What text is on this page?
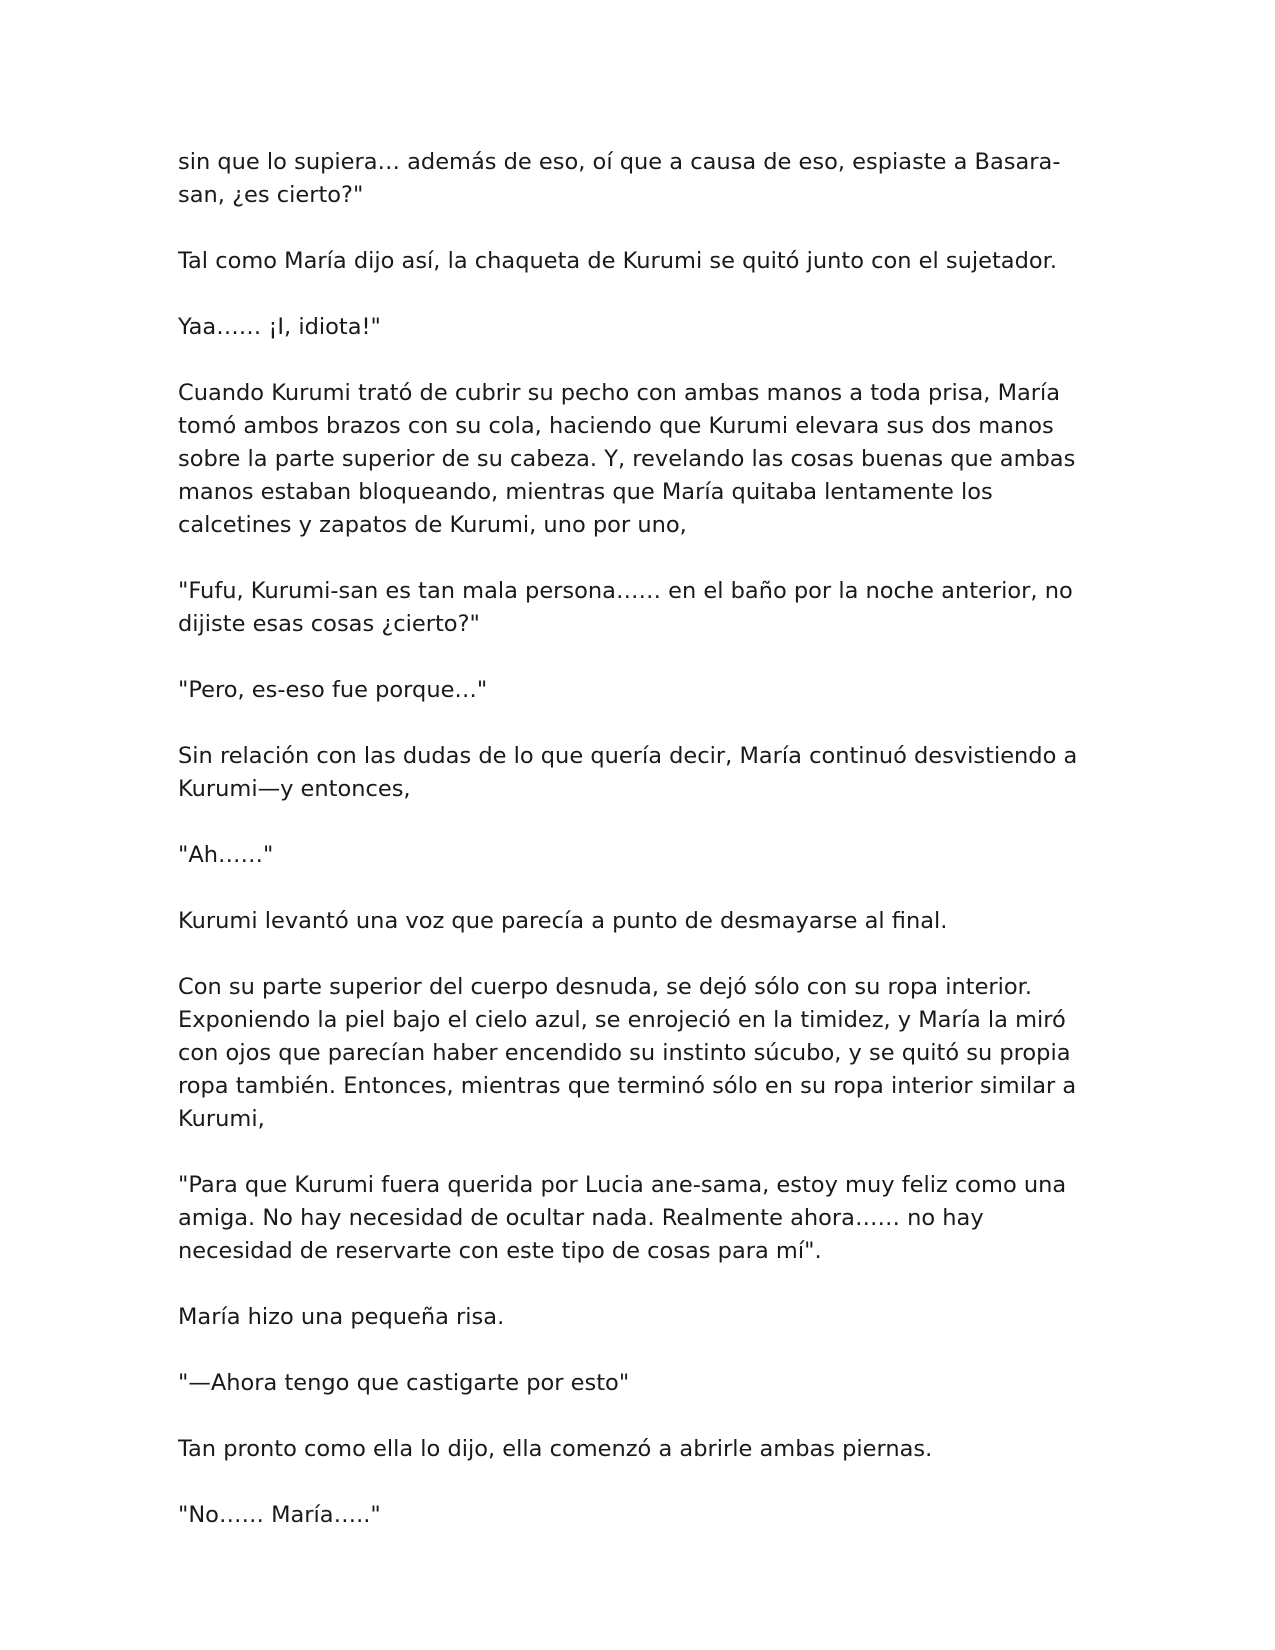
sin que lo supiera… además de eso, oí que a causa de eso, espiaste a Basara-san, ¿es cierto?"

Tal como María dijo así, la chaqueta de Kurumi se quitó junto con el sujetador.

Yaa…… ¡I, idiota!"

Cuando Kurumi trató de cubrir su pecho con ambas manos a toda prisa, María tomó ambos brazos con su cola, haciendo que Kurumi elevara sus dos manos sobre la parte superior de su cabeza. Y, revelando las cosas buenas que ambas manos estaban bloqueando, mientras que María quitaba lentamente los calcetines y zapatos de Kurumi, uno por uno,

"Fufu, Kurumi-san es tan mala persona…… en el baño por la noche anterior, no dijiste esas cosas ¿cierto?"

"Pero, es-eso fue porque…"

Sin relación con las dudas de lo que quería decir, María continuó desvistiendo a Kurumi—y entonces,

"Ah……"

Kurumi levantó una voz que parecía a punto de desmayarse al final.

Con su parte superior del cuerpo desnuda, se dejó sólo con su ropa interior. Exponiendo la piel bajo el cielo azul, se enrojeció en la timidez, y María la miró con ojos que parecían haber encendido su instinto súcubo, y se quitó su propia ropa también. Entonces, mientras que terminó sólo en su ropa interior similar a Kurumi,

"Para que Kurumi fuera querida por Lucia ane-sama, estoy muy feliz como una amiga. No hay necesidad de ocultar nada. Realmente ahora…… no hay necesidad de reservarte con este tipo de cosas para mí".

María hizo una pequeña risa.

"—Ahora tengo que castigarte por esto"

Tan pronto como ella lo dijo, ella comenzó a abrirle ambas piernas.

"No…… María….."
